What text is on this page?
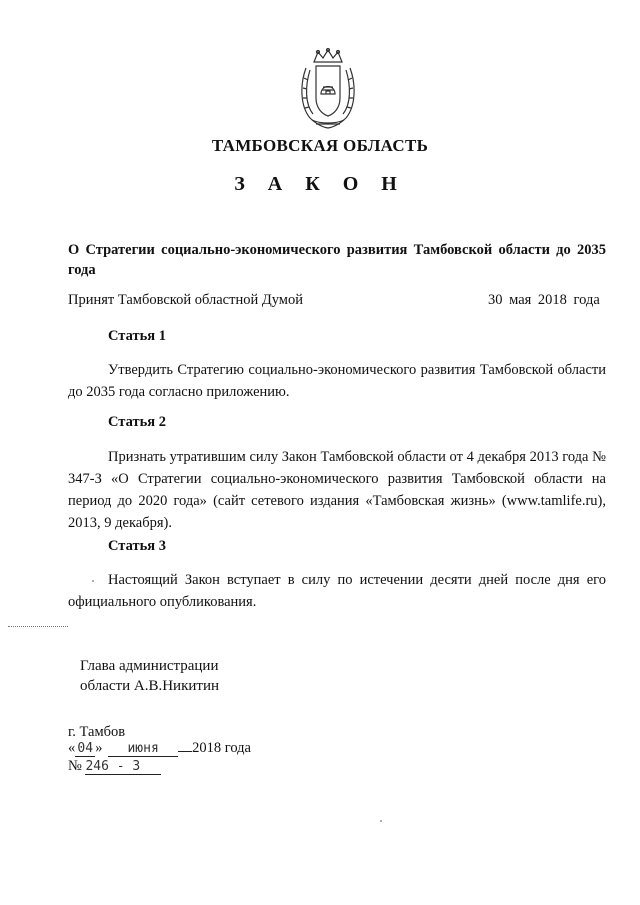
ТАМБОВСКАЯ ОБЛАСТЬ
З А К О Н
О Стратегии социально-экономического развития Тамбовской области до 2035 года
Принят Тамбовской областной Думой	30 мая 2018 года
Статья 1
Утвердить Стратегию социально-экономического развития Тамбовской области до 2035 года согласно приложению.
Статья 2
Признать утратившим силу Закон Тамбовской области от 4 декабря 2013 года № 347-З «О Стратегии социально-экономического развития Тамбовской области на период до 2020 года» (сайт сетевого издания «Тамбовская жизнь» (www.tamlife.ru), 2013, 9 декабря).
Статья 3
Настоящий Закон вступает в силу по истечении десяти дней после дня его официального опубликования.
Глава администрации
области А.В.Никитин
г. Тамбов
« 04 » июня 2018 года
№ 246 - З
